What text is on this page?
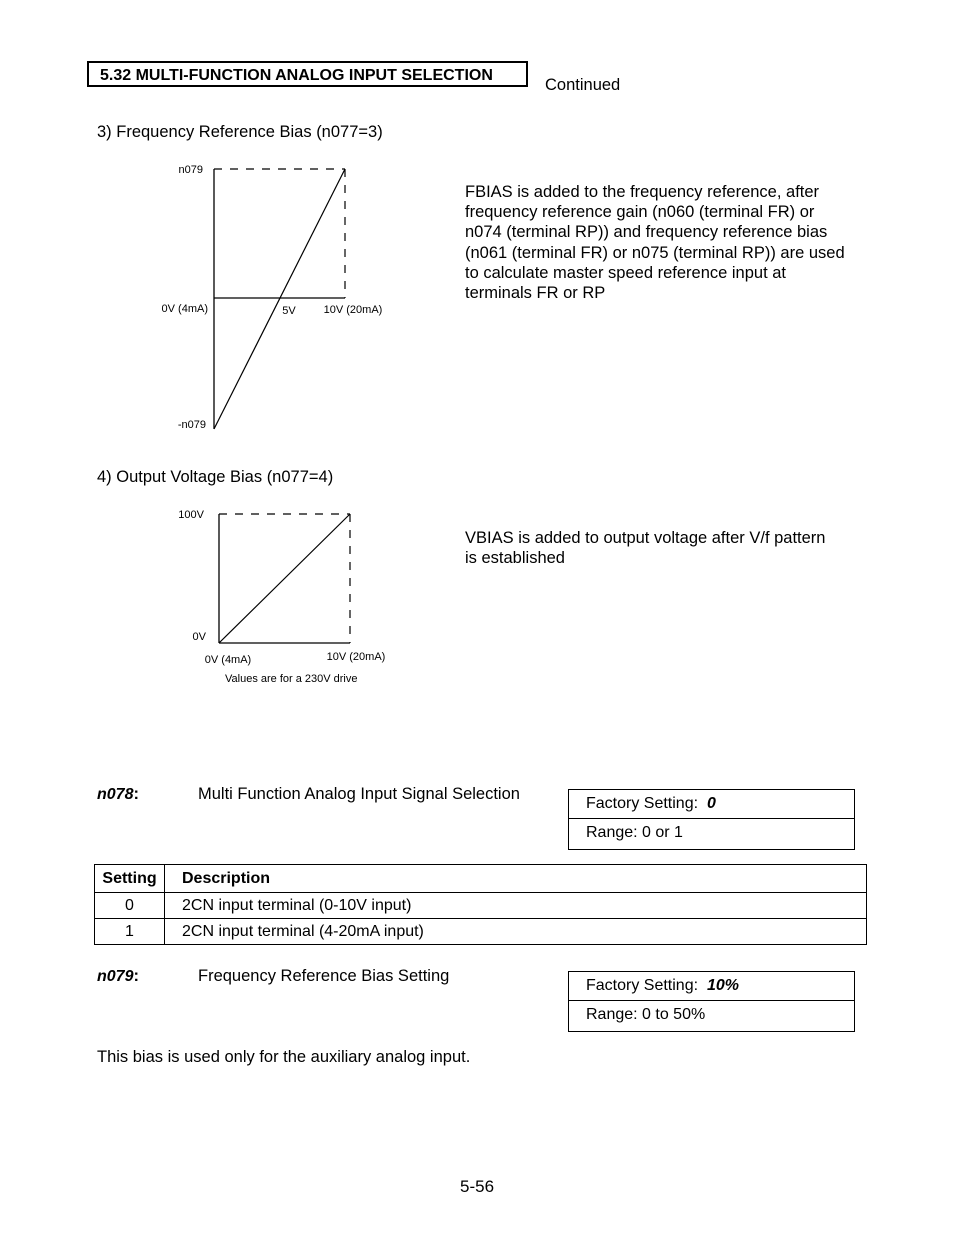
5.32 MULTI-FUNCTION ANALOG INPUT SELECTION
Continued
3) Frequency Reference Bias (n077=3)
n079
0V (4mA)	5V	10V (20mA)
-n079
FBIAS is added to the frequency reference, after
frequency reference gain (n060 (terminal FR) or
n074 (terminal RP)) and frequency reference bias
(n061 (terminal FR) or n075 (terminal RP)) are used
to calculate master speed reference input at
terminals FR or RP
4) Output Voltage Bias (n077=4)
100V
0V
0V (4mA)	10V (20mA)
Values are for a 230V drive
VBIAS is added to output voltage after V/f pattern
is established
n078:	Multi Function Analog Input Signal Selection
Factory Setting: 0
Range: 0 or 1
Setting	Description
0	2CN input terminal (0-10V input)
1	2CN input terminal (4-20mA input)
n079:	Frequency Reference Bias Setting
Factory Setting: 10%
Range: 0 to 50%
This bias is used only for the auxiliary analog input.
5-56
